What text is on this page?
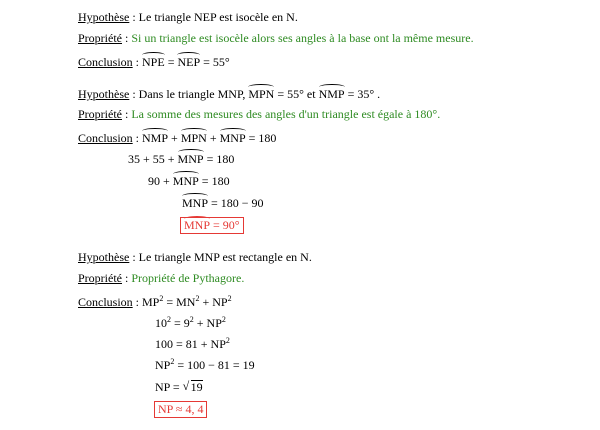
Hypothèse : Le triangle NEP est isocèle en N.
Propriété : Si un triangle est isocèle alors ses angles à la base ont la même mesure.
Conclusion : NPE = NEP = 55°
Hypothèse : Dans le triangle MNP, MPN = 55° et NMP = 35° .
Propriété : La somme des mesures des angles d'un triangle est égale à 180°.
Conclusion : NMP + MPN + MNP = 180
35 + 55 + MNP = 180
90 + MNP = 180
MNP = 180 − 90
MNP = 90°
Hypothèse : Le triangle MNP est rectangle en N.
Propriété : Propriété de Pythagore.
Conclusion : $MP^2 = MN^2 + NP^2$
$10^2 = 9^2 + NP^2$
$100 = 81 + NP^2$
$NP^2 = 100 - 81 = 19$
NP = √ 19
NP ≈ 4, 4
